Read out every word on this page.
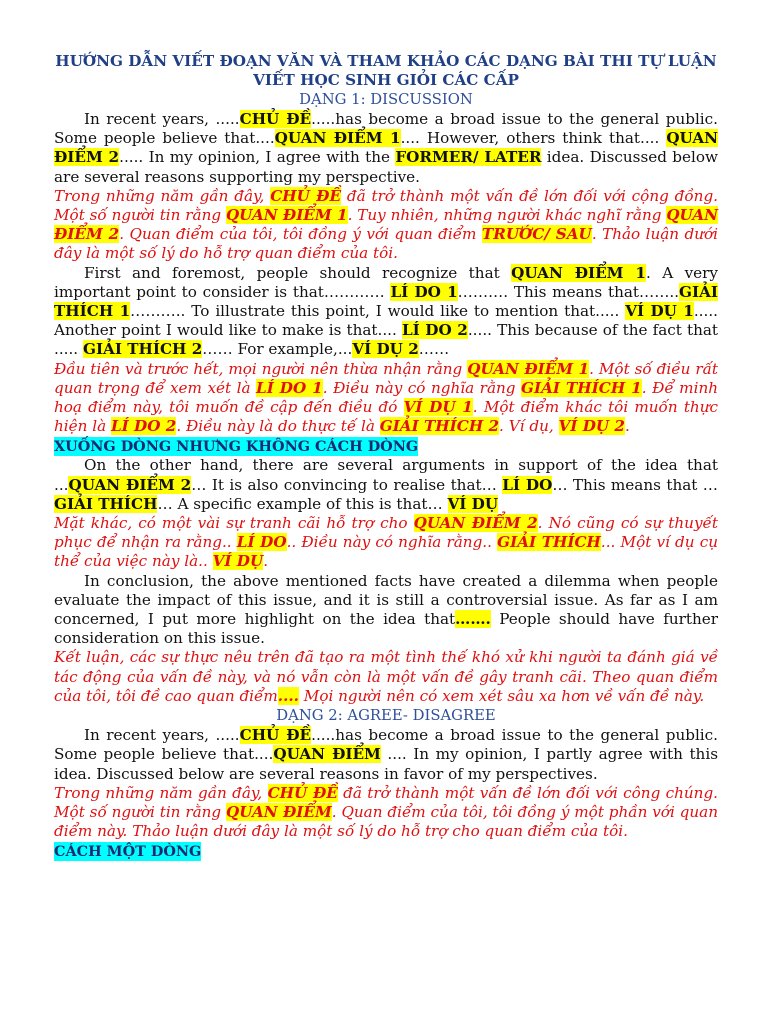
HƯỚNG DẪN VIẾT ĐOẠN VĂN VÀ THAM KHẢO CÁC DẠNG BÀI THI TỰ LUẬN

VIẾT HỌC SINH GIỎI CÁC CẤP

DẠNG 1: DISCUSSION

In recent years, .....CHỦ ĐỀ.....has become a broad issue to the general public. Some people believe that....QUAN ĐIỂM 1.... However, others think that.... QUAN ĐIỂM 2..... In my opinion, I agree with the FORMER/ LATER idea. Discussed below are several reasons supporting my perspective.

Trong những năm gần đây, CHỦ ĐỀ đã trở thành một vấn đề lớn đối với cộng đồng. Một số người tin rằng QUAN ĐIỂM 1. Tuy nhiên, những người khác nghĩ rằng QUAN ĐIỂM 2. Quan điểm của tôi, tôi đồng ý với quan điểm TRƯỚC/ SAU. Thảo luận dưới đây là một số lý do hỗ trợ quan điểm của tôi.

First and foremost, people should recognize that QUAN ĐIỂM 1. A very important point to consider is that………… LÍ DO 1………. This means that……..GIẢI THÍCH 1……….. To illustrate this point, I would like to mention that..... VÍ DỤ 1..... Another point I would like to make is that.... LÍ DO 2..... This because of the fact that ..... GIẢI THÍCH 2…… For example,...VÍ DỤ 2……

Đầu tiên và trước hết, mọi người nên thừa nhận rằng QUAN ĐIỂM 1. Một số điều rất quan trọng để xem xét là LÍ DO 1. Điều này có nghĩa rằng GIẢI THÍCH 1. Để minh hoạ điểm này, tôi muốn đề cập đến điều đó VÍ DỤ 1. Một điểm khác tôi muốn thực hiện là LÍ DO 2. Điều này là do thực tế là GIẢI THÍCH 2. Ví dụ, VÍ DỤ 2.

XUỐNG DÒNG NHƯNG KHÔNG CÁCH DÒNG

On the other hand, there are several arguments in support of the idea that ...QUAN ĐIỂM 2… It is also convincing to realise that… LÍ DO… This means that … GIẢI THÍCH… A specific example of this is that… VÍ DỤ

Mặt khác, có một vài sự tranh cãi hỗ trợ cho QUAN ĐIỂM 2. Nó cũng có sự thuyết phục để nhận ra rằng.. LÍ DO.. Điều này có nghĩa rằng.. GIẢI THÍCH... Một ví dụ cụ thể của việc này là.. VÍ DỤ.

In conclusion, the above mentioned facts have created a dilemma when people evaluate the impact of this issue, and it is still a controversial issue. As far as I am concerned, I put more highlight on the idea that……. People should have further consideration on this issue.

Kết luận, các sự thực nêu trên đã tạo ra một tình thế khó xử khi người ta đánh giá về tác động của vấn đề này, và nó vẫn còn là một vấn đề gây tranh cãi. Theo quan điểm của tôi, tôi đề cao quan điểm.... Mọi người nên có xem xét sâu xa hơn về vấn đề này.

DẠNG 2: AGREE- DISAGREE

In recent years, .....CHỦ ĐỀ.....has become a broad issue to the general public. Some people believe that....QUAN ĐIỂM .... In my opinion, I partly agree with this idea. Discussed below are several reasons in favor of my perspectives.

Trong những năm gần đây, CHỦ ĐỀ đã trở thành một vấn đề lớn đối với công chúng. Một số người tin rằng QUAN ĐIỂM. Quan điểm của tôi, tôi đồng ý một phần với quan điểm này. Thảo luận dưới đây là một số lý do hỗ trợ cho quan điểm của tôi.

CÁCH MỘT DÒNG
